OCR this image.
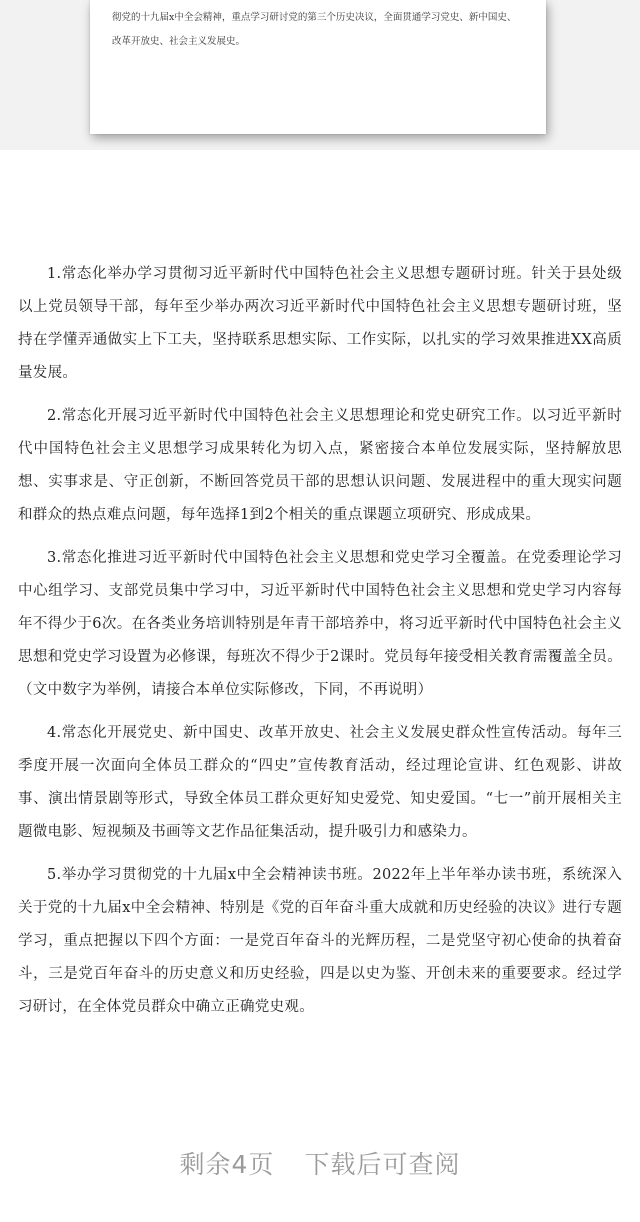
彻党的十九届x中全会精神，重点学习研讨党的第三个历史决议，全面贯通学习党史、新中国史、改革开放史、社会主义发展史。

1.常态化举办学习贯彻习近平新时代中国特色社会主义思想专题研讨班。针关于县处级以上党员领导干部，每年至少举办两次习近平新时代中国特色社会主义思想专题研讨班，坚持在学懂弄通做实上下工夫，坚持联系思想实际、工作实际，以扎实的学习效果推进XX高质量发展。

2.常态化开展习近平新时代中国特色社会主义思想理论和党史研究工作。以习近平新时代中国特色社会主义思想学习成果转化为切入点，紧密接合本单位发展实际，坚持解放思想、实事求是、守正创新，不断回答党员干部的思想认识问题、发展进程中的重大现实问题和群众的热点难点问题，每年选择1到2个相关的重点课题立项研究、形成成果。

3.常态化推进习近平新时代中国特色社会主义思想和党史学习全覆盖。在党委理论学习中心组学习、支部党员集中学习中，习近平新时代中国特色社会主义思想和党史学习内容每年不得少于6次。在各类业务培训特别是年青干部培养中，将习近平新时代中国特色社会主义思想和党史学习设置为必修课，每班次不得少于2课时。党员每年接受相关教育需覆盖全员。（文中数字为举例，请接合本单位实际修改，下同，不再说明）

4.常态化开展党史、新中国史、改革开放史、社会主义发展史群众性宣传活动。每年三季度开展一次面向全体员工群众的“四史”宣传教育活动，经过理论宣讲、红色观影、讲故事、演出情景剧等形式，导致全体员工群众更好知史爱党、知史爱国。“七一”前开展相关主题微电影、短视频及书画等文艺作品征集活动，提升吸引力和感染力。

5.举办学习贯彻党的十九届x中全会精神读书班。2022年上半年举办读书班，系统深入关于党的十九届x中全会精神、特别是《党的百年奋斗重大成就和历史经验的决议》进行专题学习，重点把握以下四个方面：一是党百年奋斗的光辉历程，二是党坚守初心使命的执着奋斗，三是党百年奋斗的历史意义和历史经验，四是以史为鉴、开创未来的重要要求。经过学习研讨，在全体党员群众中确立正确党史观。

剩余4页 下载后可查阅
